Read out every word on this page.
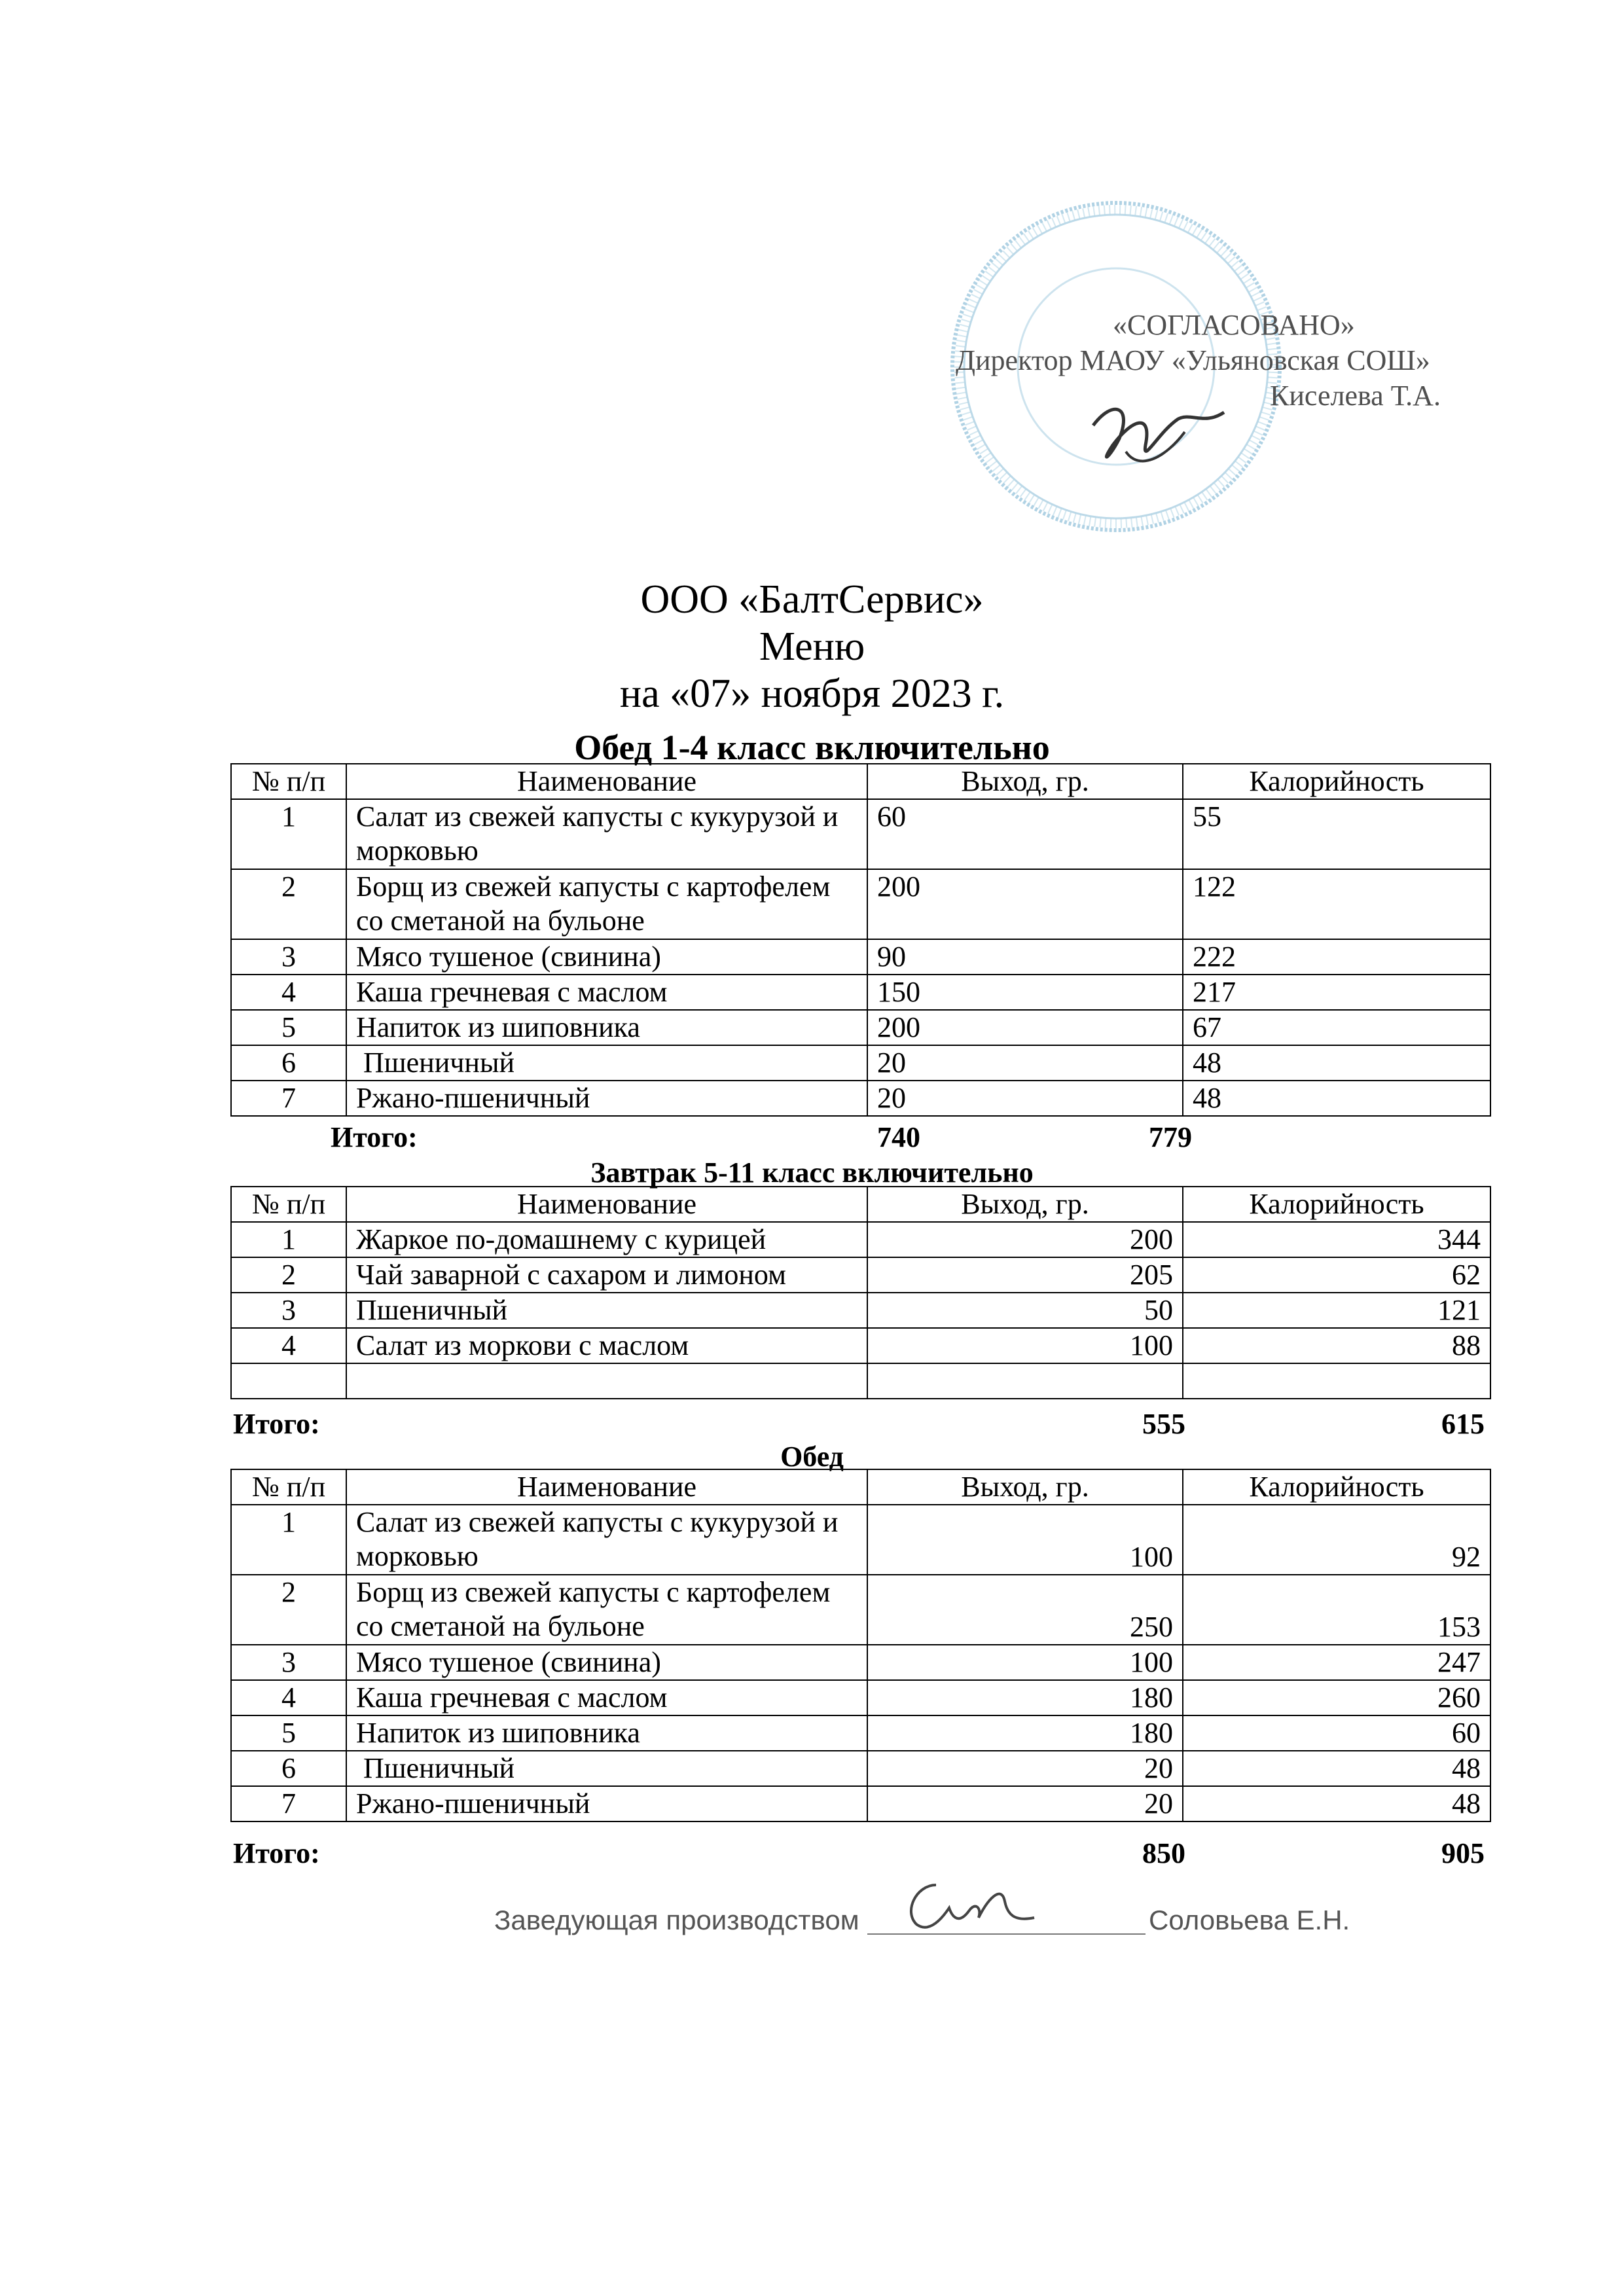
«СОГЛАСОВАНО»
Директор МАОУ «Ульяновская СОШ»
Киселева Т.А.
ООО «БалтСервис»
Меню
на «07» ноября 2023 г.
Обед 1-4 класс включительно
№ п/п	Наименование	Выход, гр.	Калорийность
1	Салат из свежей капусты с кукурузой и морковью	60	55
2	Борщ из свежей капусты с картофелем со сметаной на бульоне	200	122
3	Мясо тушеное (свинина)	90	222
4	Каша гречневая с маслом	150	217
5	Напиток из шиповника	200	67
6	Пшеничный	20	48
7	Ржано-пшеничный	20	48
Итого:	740	779
Завтрак 5-11 класс включительно
№ п/п	Наименование	Выход, гр.	Калорийность
1	Жаркое по-домашнему с курицей	200	344
2	Чай заварной с сахаром и лимоном	205	62
3	Пшеничный	50	121
4	Салат из моркови с маслом	100	88

Итого:	555	615
Обед
№ п/п	Наименование	Выход, гр.	Калорийность
1	Салат из свежей капусты с кукурузой и морковью	100	92
2	Борщ из свежей капусты с картофелем со сметаной на бульоне	250	153
3	Мясо тушеное (свинина)	100	247
4	Каша гречневая с маслом	180	260
5	Напиток из шиповника	180	60
6	Пшеничный	20	48
7	Ржано-пшеничный	20	48
Итого:	850	905
Заведующая производством	Соловьева Е.Н.
